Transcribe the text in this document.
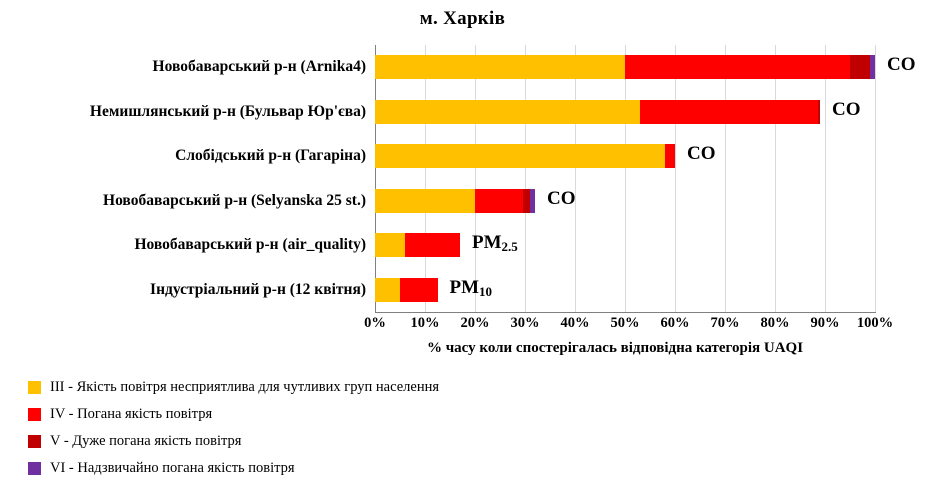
м. Харків
CO
Новобаварський р-н (Arnika4)
CO
Немишлянський р-н (Бульвар Юр'єва)
CO
Слобідський р-н (Гагаріна)
CO
Новобаварський р-н (Selyanska 25 st.)
$PM_{2.5}$
Новобаварський р-н (air_quality)
$PM_{10}$
Індустріальний р-н (12 квітня)
0%	10%	20%	30%	40%	50%	60%	70%	80%	90%	100%
% часу коли спостерігалась відповідна категорія UAQI
III - Якість повітря несприятлива для чутливих груп населення
IV - Погана якість повітря
V - Дуже погана якість повітря
VI - Надзвичайно погана якість повітря
